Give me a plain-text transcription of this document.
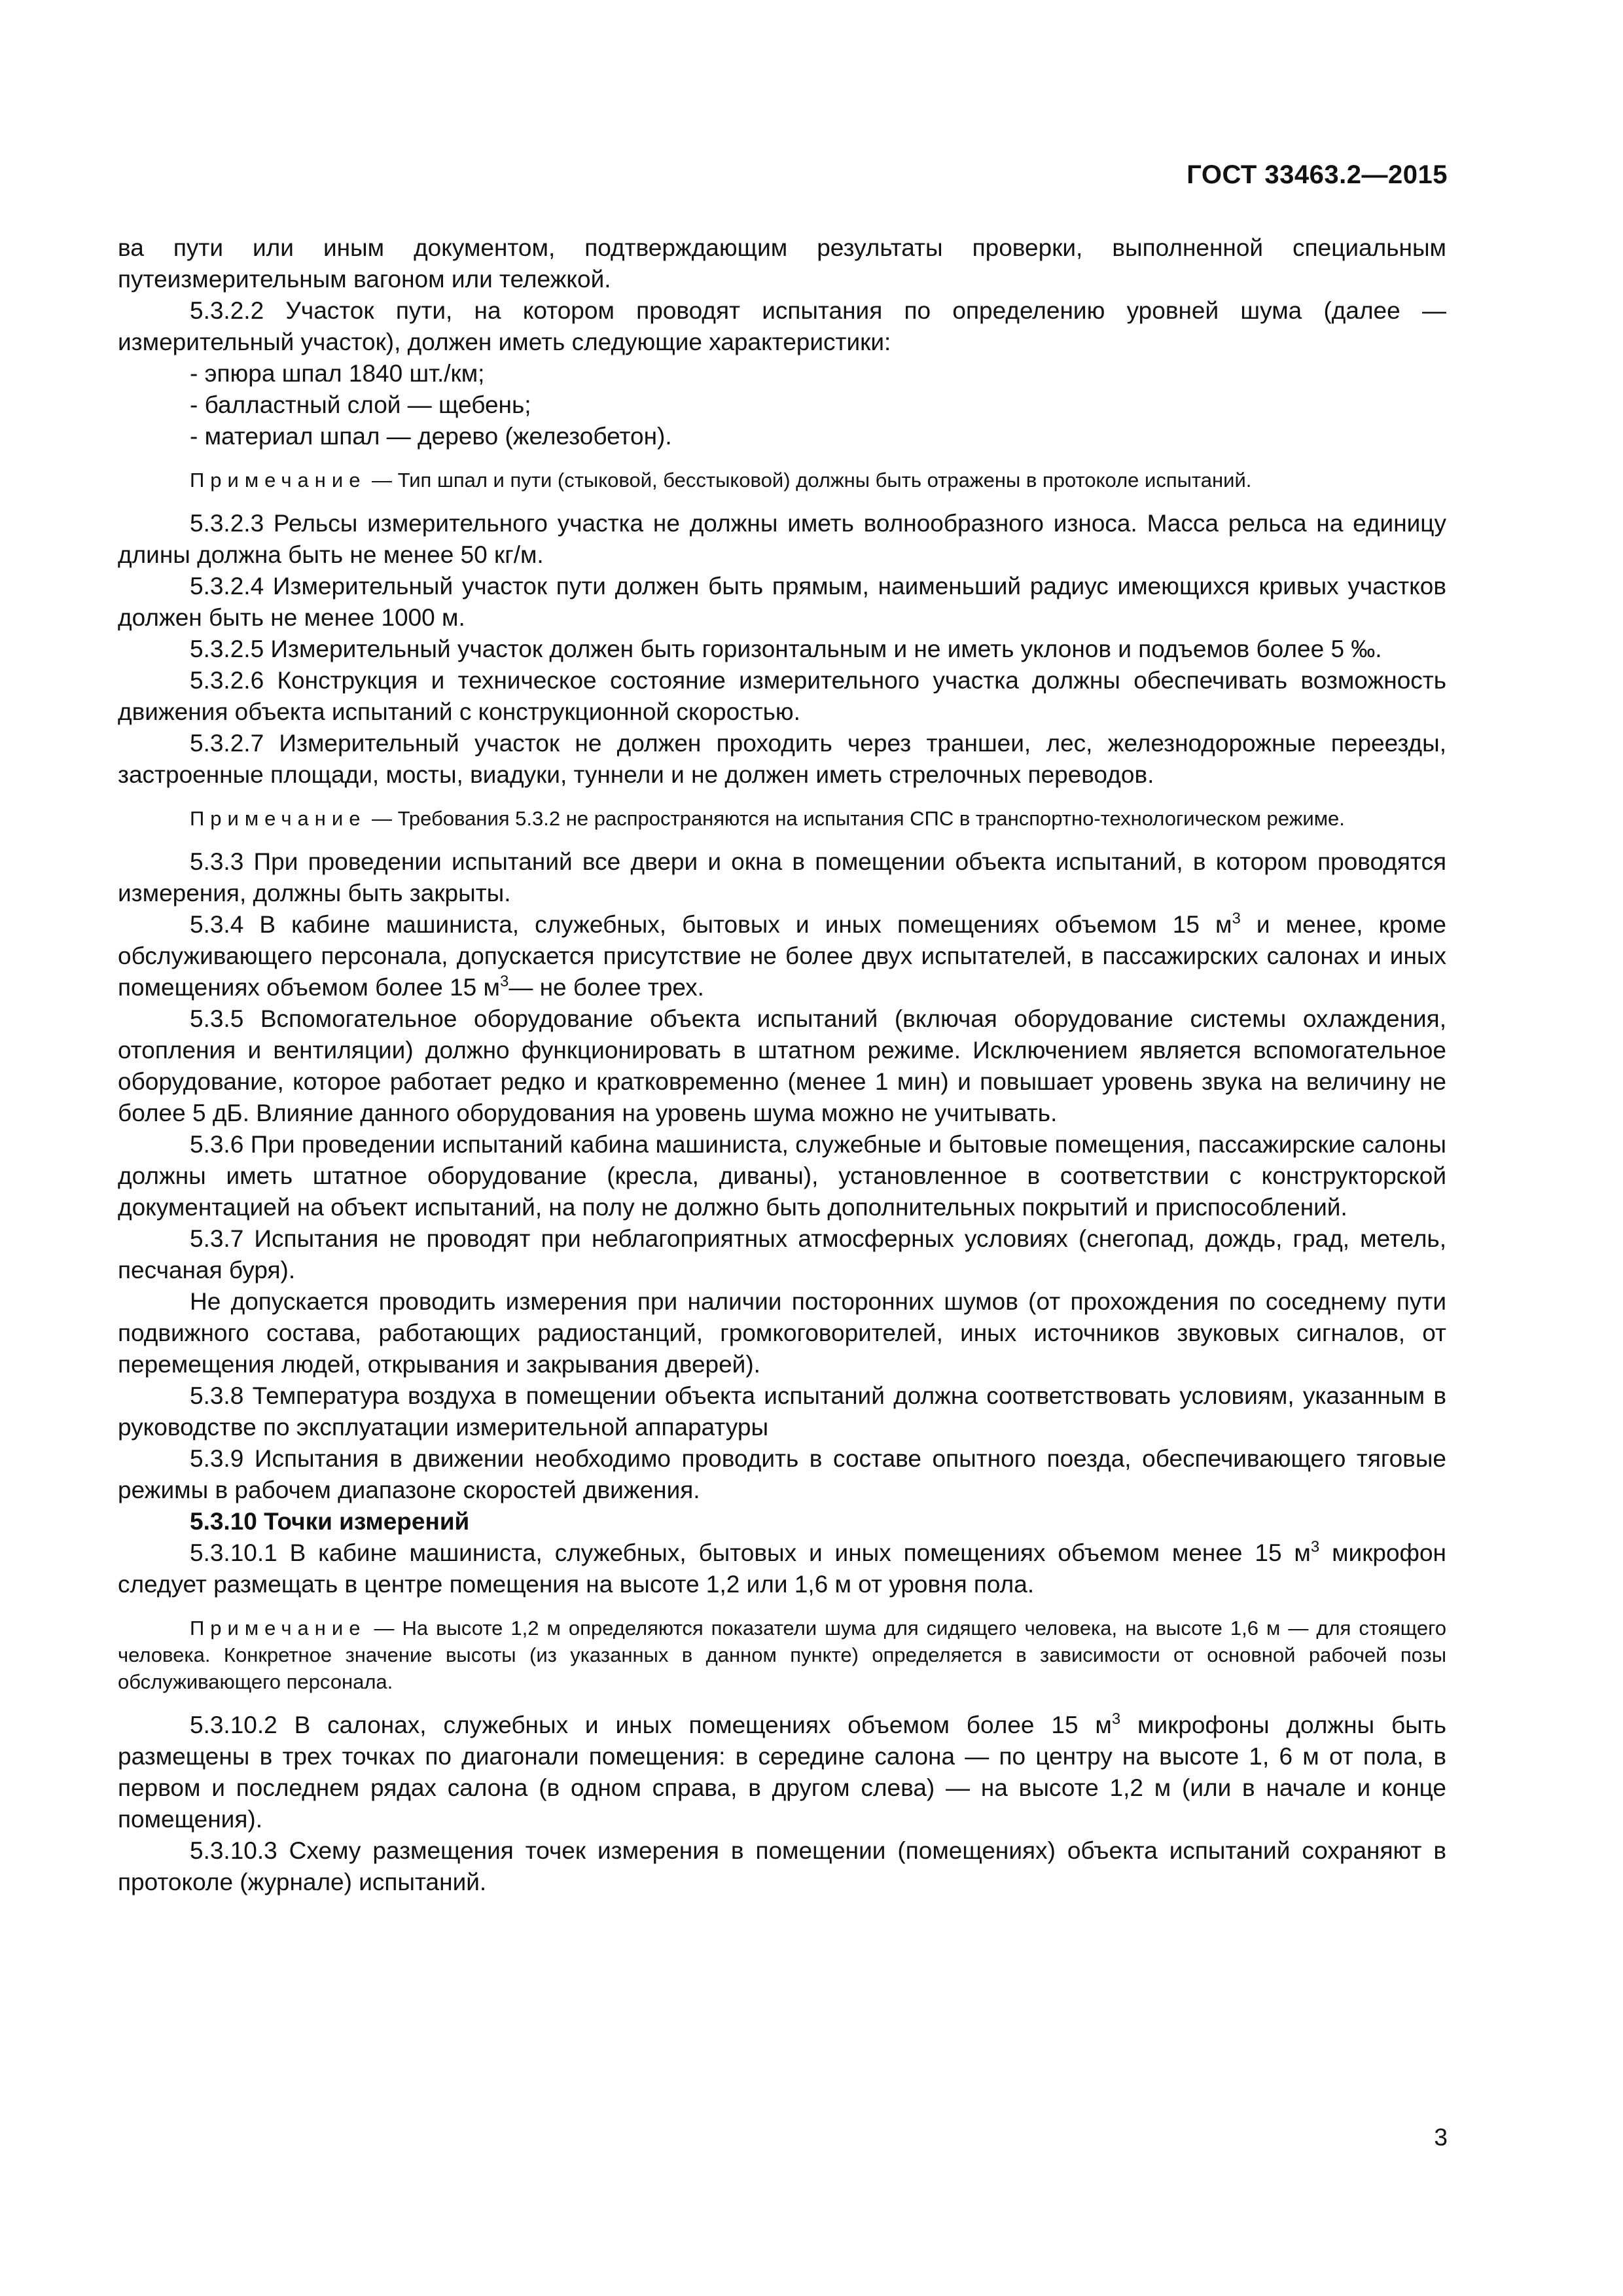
ГОСТ 33463.2—2015

ва пути или иным документом, подтверждающим результаты проверки, выполненной специальным путеизмерительным вагоном или тележкой.

5.3.2.2 Участок пути, на котором проводят испытания по определению уровней шума (далее — измерительный участок), должен иметь следующие характеристики:

- эпюра шпал 1840 шт./км;

- балластный слой — щебень;

- материал шпал — дерево (железобетон).

Примечание — Тип шпал и пути (стыковой, бесстыковой) должны быть отражены в протоколе испытаний.

5.3.2.3 Рельсы измерительного участка не должны иметь волнообразного износа. Масса рельса на единицу длины должна быть не менее 50 кг/м.

5.3.2.4 Измерительный участок пути должен быть прямым, наименьший радиус имеющихся кривых участков должен быть не менее 1000 м.

5.3.2.5 Измерительный участок должен быть горизонтальным и не иметь уклонов и подъемов более 5 ‰.

5.3.2.6 Конструкция и техническое состояние измерительного участка должны обеспечивать возможность движения объекта испытаний с конструкционной скоростью.

5.3.2.7 Измерительный участок не должен проходить через траншеи, лес, железнодорожные переезды, застроенные площади, мосты, виадуки, туннели и не должен иметь стрелочных переводов.

Примечание — Требования 5.3.2 не распространяются на испытания СПС в транспортно-технологическом режиме.

5.3.3 При проведении испытаний все двери и окна в помещении объекта испытаний, в котором проводятся измерения, должны быть закрыты.

5.3.4 В кабине машиниста, служебных, бытовых и иных помещениях объемом 15 $м^3$ и менее, кроме обслуживающего персонала, допускается присутствие не более двух испытателей, в пассажирских салонах и иных помещениях объемом более 15 $м^3—$ не более трех.

5.3.5 Вспомогательное оборудование объекта испытаний (включая оборудование системы охлаждения, отопления и вентиляции) должно функционировать в штатном режиме. Исключением является вспомогательное оборудование, которое работает редко и кратковременно (менее 1 мин) и повышает уровень звука на величину не более 5 дБ. Влияние данного оборудования на уровень шума можно не учитывать.

5.3.6 При проведении испытаний кабина машиниста, служебные и бытовые помещения, пассажирские салоны должны иметь штатное оборудование (кресла, диваны), установленное в соответствии с конструкторской документацией на объект испытаний, на полу не должно быть дополнительных покрытий и приспособлений.

5.3.7 Испытания не проводят при неблагоприятных атмосферных условиях (снегопад, дождь, град, метель, песчаная буря).

Не допускается проводить измерения при наличии посторонних шумов (от прохождения по соседнему пути подвижного состава, работающих радиостанций, громкоговорителей, иных источников звуковых сигналов, от перемещения людей, открывания и закрывания дверей).

5.3.8 Температура воздуха в помещении объекта испытаний должна соответствовать условиям, указанным в руководстве по эксплуатации измерительной аппаратуры

5.3.9 Испытания в движении необходимо проводить в составе опытного поезда, обеспечивающего тяговые режимы в рабочем диапазоне скоростей движения.

5.3.10 Точки измерений

5.3.10.1 В кабине машиниста, служебных, бытовых и иных помещениях объемом менее 15 $м^3$ микрофон следует размещать в центре помещения на высоте 1,2 или 1,6 м от уровня пола.

Примечание — На высоте 1,2 м определяются показатели шума для сидящего человека, на высоте 1,6 м — для стоящего человека. Конкретное значение высоты (из указанных в данном пункте) определяется в зависимости от основной рабочей позы обслуживающего персонала.

5.3.10.2 В салонах, служебных и иных помещениях объемом более 15 $м^3$ микрофоны должны быть размещены в трех точках по диагонали помещения: в середине салона — по центру на высоте 1, 6 м от пола, в первом и последнем рядах салона (в одном справа, в другом слева) — на высоте 1,2 м (или в начале и конце помещения).

5.3.10.3 Схему размещения точек измерения в помещении (помещениях) объекта испытаний сохраняют в протоколе (журнале) испытаний.

3
